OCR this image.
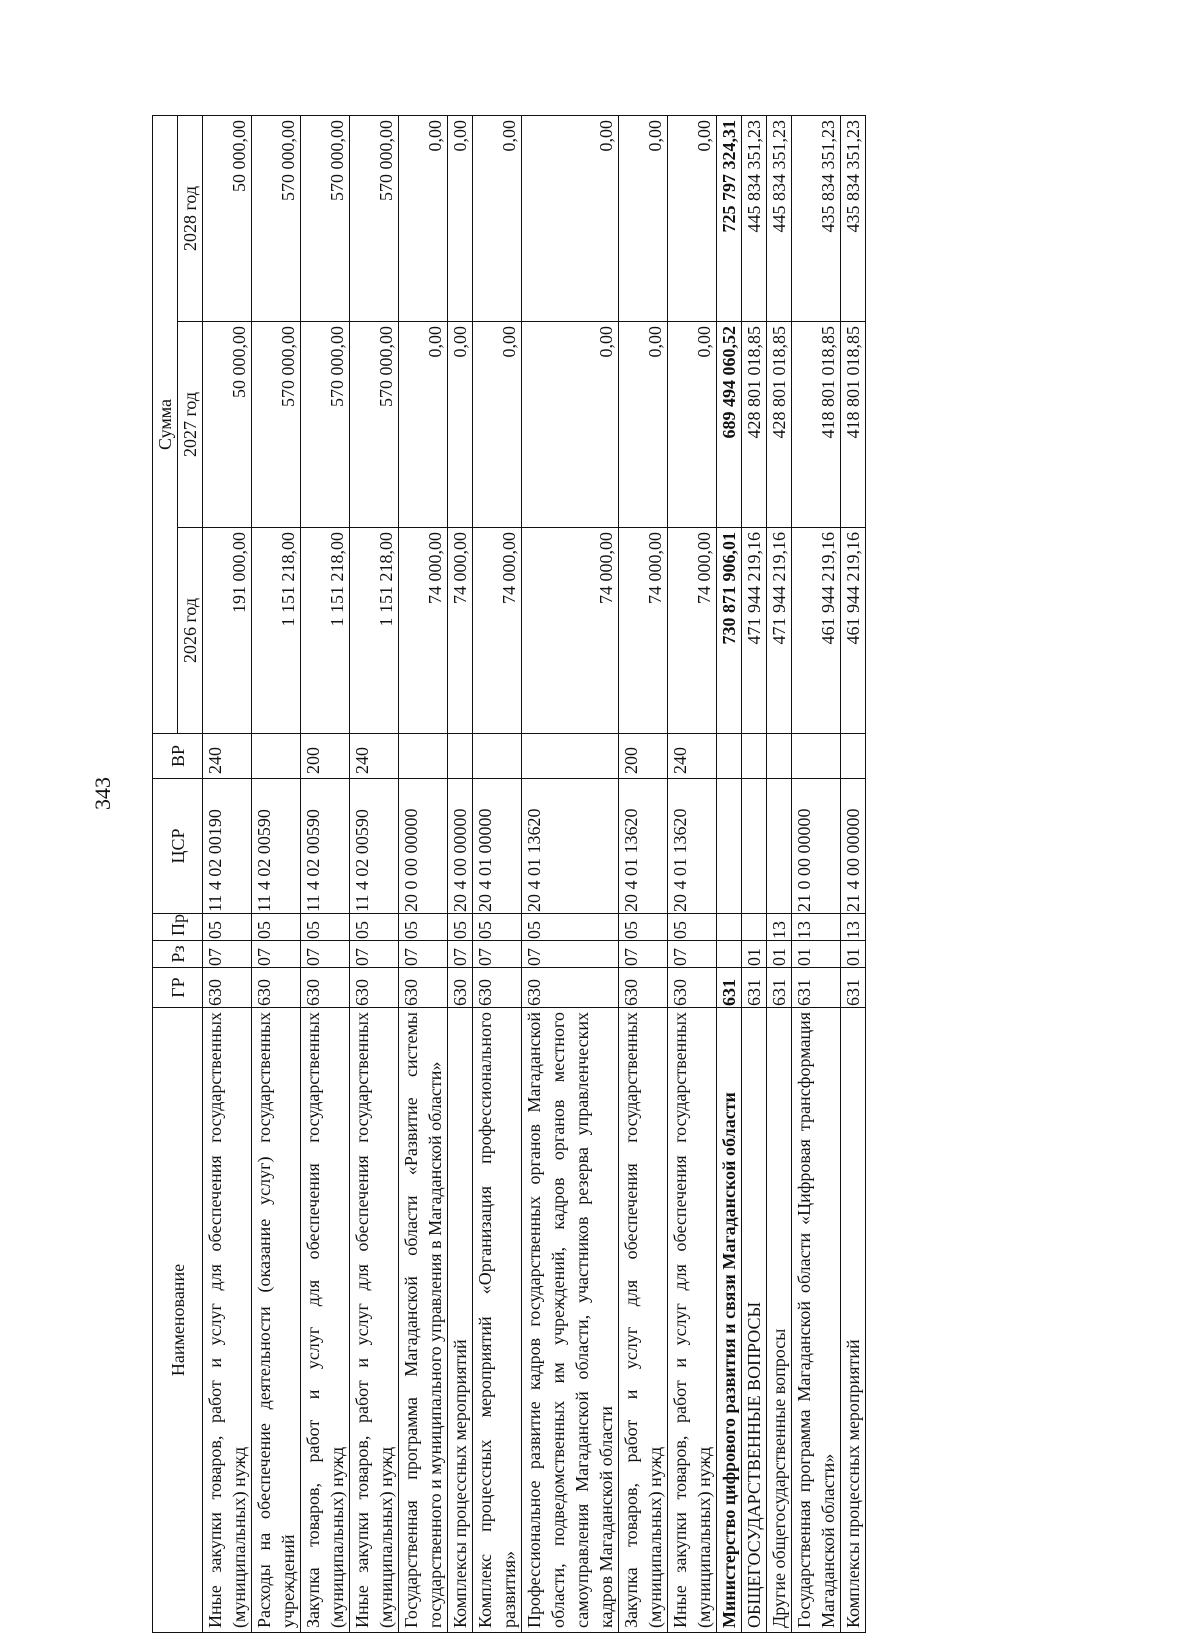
343
Наименование	ГР	Рз	Пр	ЦСР	ВР	Сумма		
						2026 год	2027 год	2028 год
Иные закупки товаров, работ и услуг для обеспечения государственных (муниципальных) нужд	630	07	05	11 4 02 00190	240	191 000,00	50 000,00	50 000,00
Расходы на обеспечение деятельности (оказание услуг) государственных учреждений	630	07	05	11 4 02 00590		1 151 218,00	570 000,00	570 000,00
Закупка товаров, работ и услуг для обеспечения государственных (муниципальных) нужд	630	07	05	11 4 02 00590	200	1 151 218,00	570 000,00	570 000,00
Иные закупки товаров, работ и услуг для обеспечения государственных (муниципальных) нужд	630	07	05	11 4 02 00590	240	1 151 218,00	570 000,00	570 000,00
Государственная программа Магаданской области «Развитие системы государственного и муниципального управления в Магаданской области»	630	07	05	20 0 00 00000		74 000,00	0,00	0,00
Комплексы процессных мероприятий	630	07	05	20 4 00 00000		74 000,00	0,00	0,00
Комплекс процессных мероприятий «Организация профессионального развития»	630	07	05	20 4 01 00000		74 000,00	0,00	0,00
Профессиональное развитие кадров государственных органов Магаданской области, подведомственных им учреждений, кадров органов местного самоуправления Магаданской области, участников резерва управленческих кадров Магаданской области	630	07	05	20 4 01 13620		74 000,00	0,00	0,00
Закупка товаров, работ и услуг для обеспечения государственных (муниципальных) нужд	630	07	05	20 4 01 13620	200	74 000,00	0,00	0,00
Иные закупки товаров, работ и услуг для обеспечения государственных (муниципальных) нужд	630	07	05	20 4 01 13620	240	74 000,00	0,00	0,00
Министерство цифрового развития и связи Магаданской области	631					730 871 906,01	689 494 060,52	725 797 324,31
ОБЩЕГОСУДАРСТВЕННЫЕ ВОПРОСЫ	631	01				471 944 219,16	428 801 018,85	445 834 351,23
Другие общегосударственные вопросы	631	01	13			471 944 219,16	428 801 018,85	445 834 351,23
Государственная программа Магаданской области «Цифровая трансформация Магаданской области»	631	01	13	21 0 00 00000		461 944 219,16	418 801 018,85	435 834 351,23
Комплексы процессных мероприятий	631	01	13	21 4 00 00000		461 944 219,16	418 801 018,85	435 834 351,23
